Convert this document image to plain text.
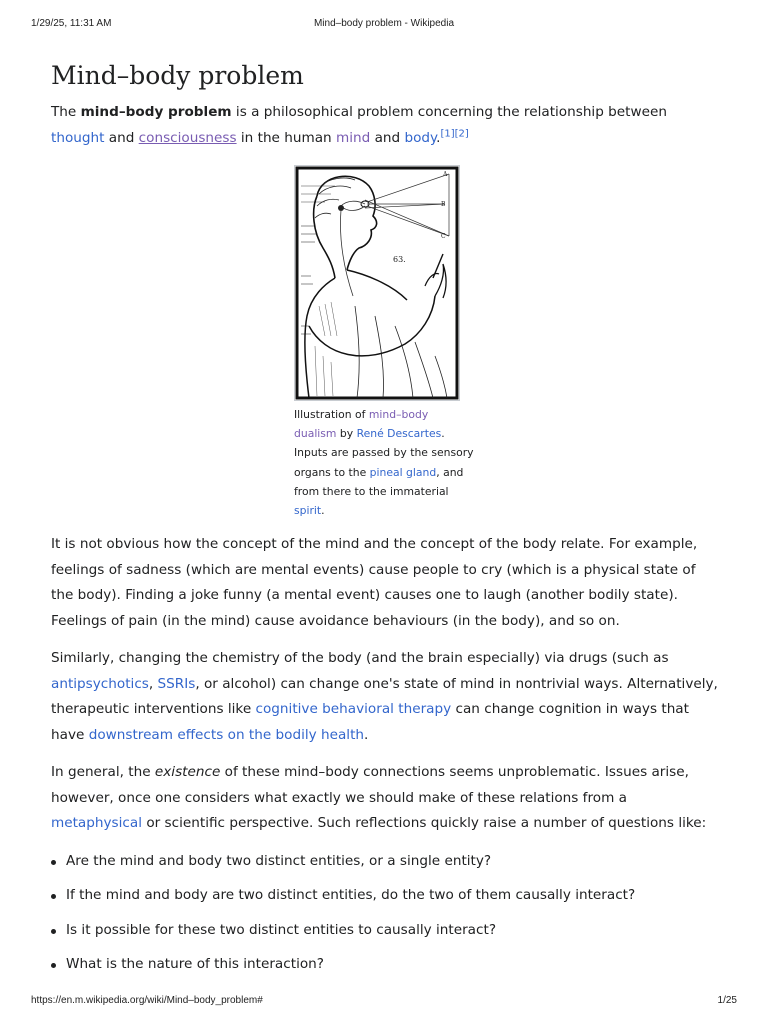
1/29/25, 11:31 AM	Mind–body problem - Wikipedia
Mind–body problem

The mind–body problem is a philosophical problem concerning the relationship between thought and consciousness in the human mind and body.[1][2]

A
B
C
63.
Illustration of mind–body dualism by René Descartes. Inputs are passed by the sensory organs to the pineal gland, and from there to the immaterial spirit.

It is not obvious how the concept of the mind and the concept of the body relate. For example, feelings of sadness (which are mental events) cause people to cry (which is a physical state of the body). Finding a joke funny (a mental event) causes one to laugh (another bodily state). Feelings of pain (in the mind) cause avoidance behaviours (in the body), and so on.

Similarly, changing the chemistry of the body (and the brain especially) via drugs (such as antipsychotics, SSRIs, or alcohol) can change one's state of mind in nontrivial ways. Alternatively, therapeutic interventions like cognitive behavioral therapy can change cognition in ways that have downstream effects on the bodily health.

In general, the existence of these mind–body connections seems unproblematic. Issues arise, however, once one considers what exactly we should make of these relations from a metaphysical or scientific perspective. Such reflections quickly raise a number of questions like:

Are the mind and body two distinct entities, or a single entity?
If the mind and body are two distinct entities, do the two of them causally interact?
Is it possible for these two distinct entities to causally interact?
What is the nature of this interaction?
https://en.m.wikipedia.org/wiki/Mind–body_problem#	1/25
